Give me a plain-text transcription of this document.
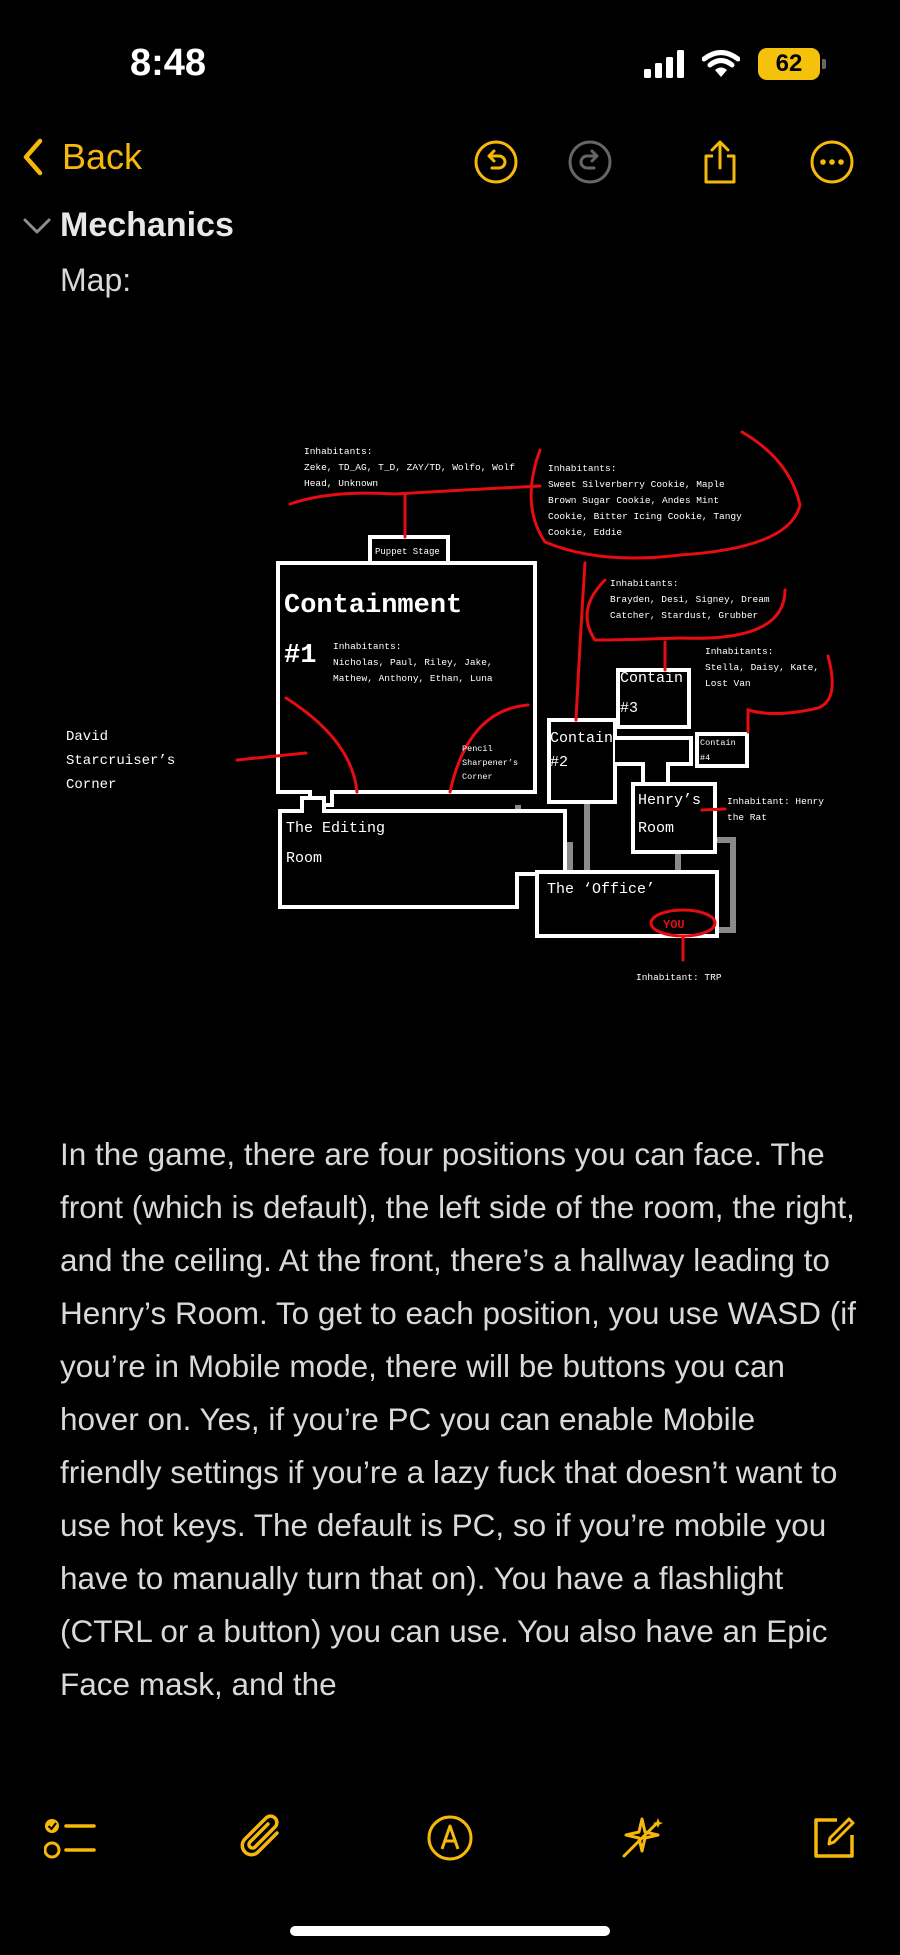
8:48	62
Back
Mechanics
Map:
Inhabitants:
Zeke, TD_AG, T_D, ZAY/TD, Wolfo, Wolf
Head, Unknown
Puppet Stage
Inhabitants:
Sweet Silverberry Cookie, Maple
Brown Sugar Cookie, Andes Mint
Cookie, Bitter Icing Cookie, Tangy
Cookie, Eddie
Inhabitants:
Brayden, Desi, Signey, Dream
Catcher, Stardust, Grubber
Inhabitants:
Stella, Daisy, Kate,
Lost Van
Containment
#1 Inhabitants:
Nicholas, Paul, Riley, Jake,
Mathew, Anthony, Ethan, Luna
Pencil
Sharpener’s
Corner
David
Starcruiser’s
Corner
Contain
#2
Contain
#3
Contain
#4
Henry’s
Room
Inhabitant: Henry
the Rat
The Editing
Room
The ‘Office’
YOU
Inhabitant: TRP
In the game, there are four positions you can face. The front (which is default), the left side of the room, the right, and the ceiling. At the front, there’s a hallway leading to Henry’s Room. To get to each position, you use WASD (if you’re in Mobile mode, there will be buttons you can hover on. Yes, if you’re PC you can enable Mobile friendly settings if you’re a lazy fuck that doesn’t want to use hot keys. The default is PC, so if you’re mobile you have to manually turn that on). You have a flashlight (CTRL or a button) you can use. You also have an Epic Face mask, and the
